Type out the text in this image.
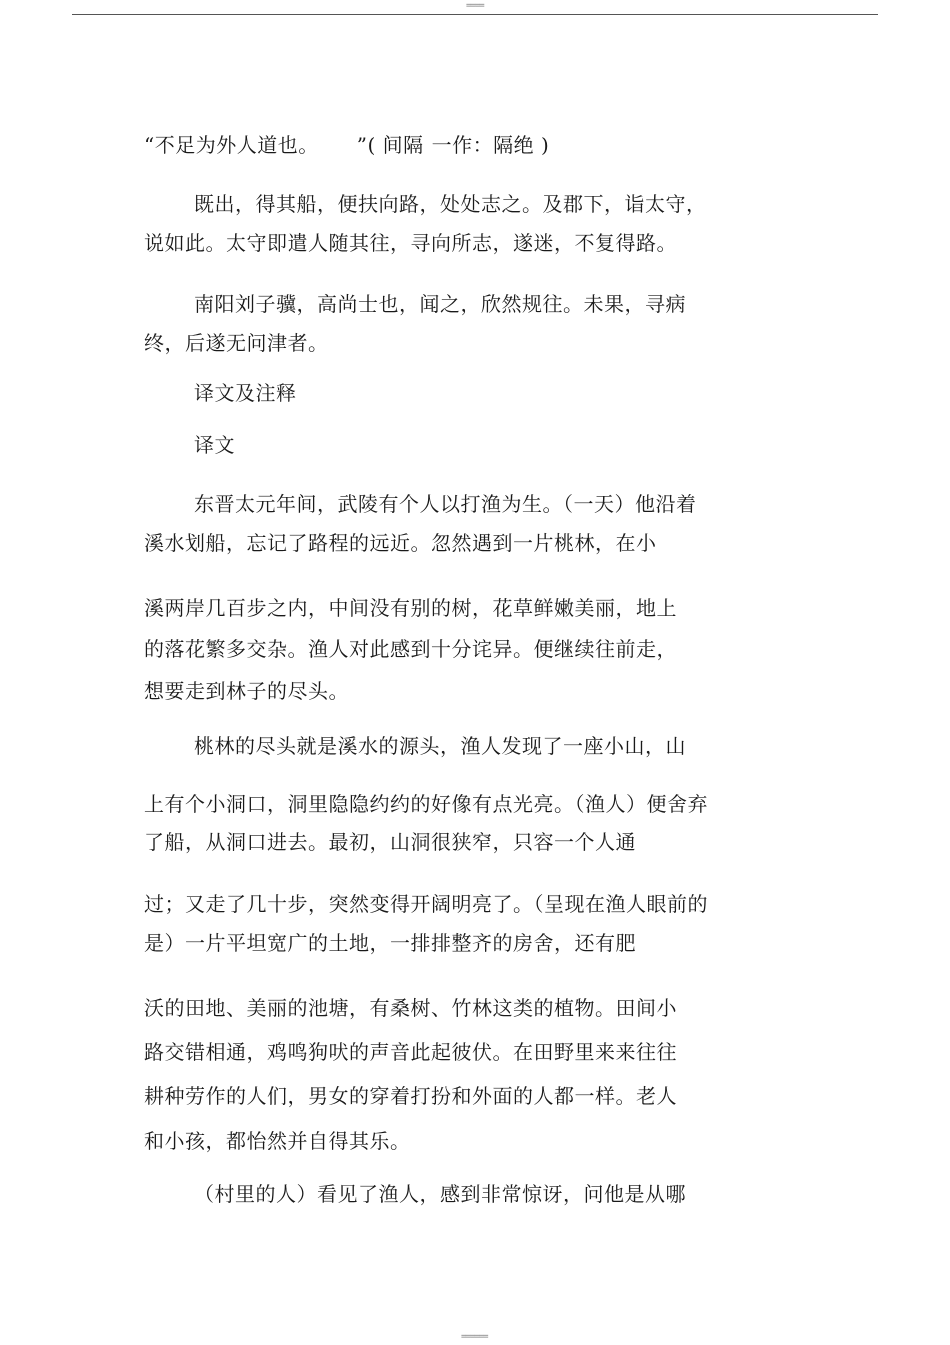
====
“不足为外人道也。 ”( 间隔 一作：隔绝 )
既出，得其船，便扶向路，处处志之。及郡下，诣太守，
说如此。太守即遣人随其往，寻向所志，遂迷，不复得路。
南阳刘子骥，高尚士也，闻之，欣然规往。未果，寻病
终，后遂无问津者。
译文及注释
译文
东晋太元年间，武陵有个人以打渔为生。（一天）他沿着
溪水划船，忘记了路程的远近。忽然遇到一片桃林，在小
溪两岸几百步之内，中间没有别的树，花草鲜嫩美丽，地上
的落花繁多交杂。渔人对此感到十分诧异。便继续往前走，
想要走到林子的尽头。
桃林的尽头就是溪水的源头，渔人发现了一座小山，山
上有个小洞口，洞里隐隐约约的好像有点光亮。（渔人）便舍弃
了船，从洞口进去。最初，山洞很狭窄，只容一个人通
过；又走了几十步，突然变得开阔明亮了。（呈现在渔人眼前的
是）一片平坦宽广的土地，一排排整齐的房舍，还有肥
沃的田地、美丽的池塘，有桑树、竹林这类的植物。田间小
路交错相通，鸡鸣狗吠的声音此起彼伏。在田野里来来往往
耕种劳作的人们，男女的穿着打扮和外面的人都一样。老人
和小孩，都怡然并自得其乐。
（村里的人）看见了渔人，感到非常惊讶，问他是从哪
======
